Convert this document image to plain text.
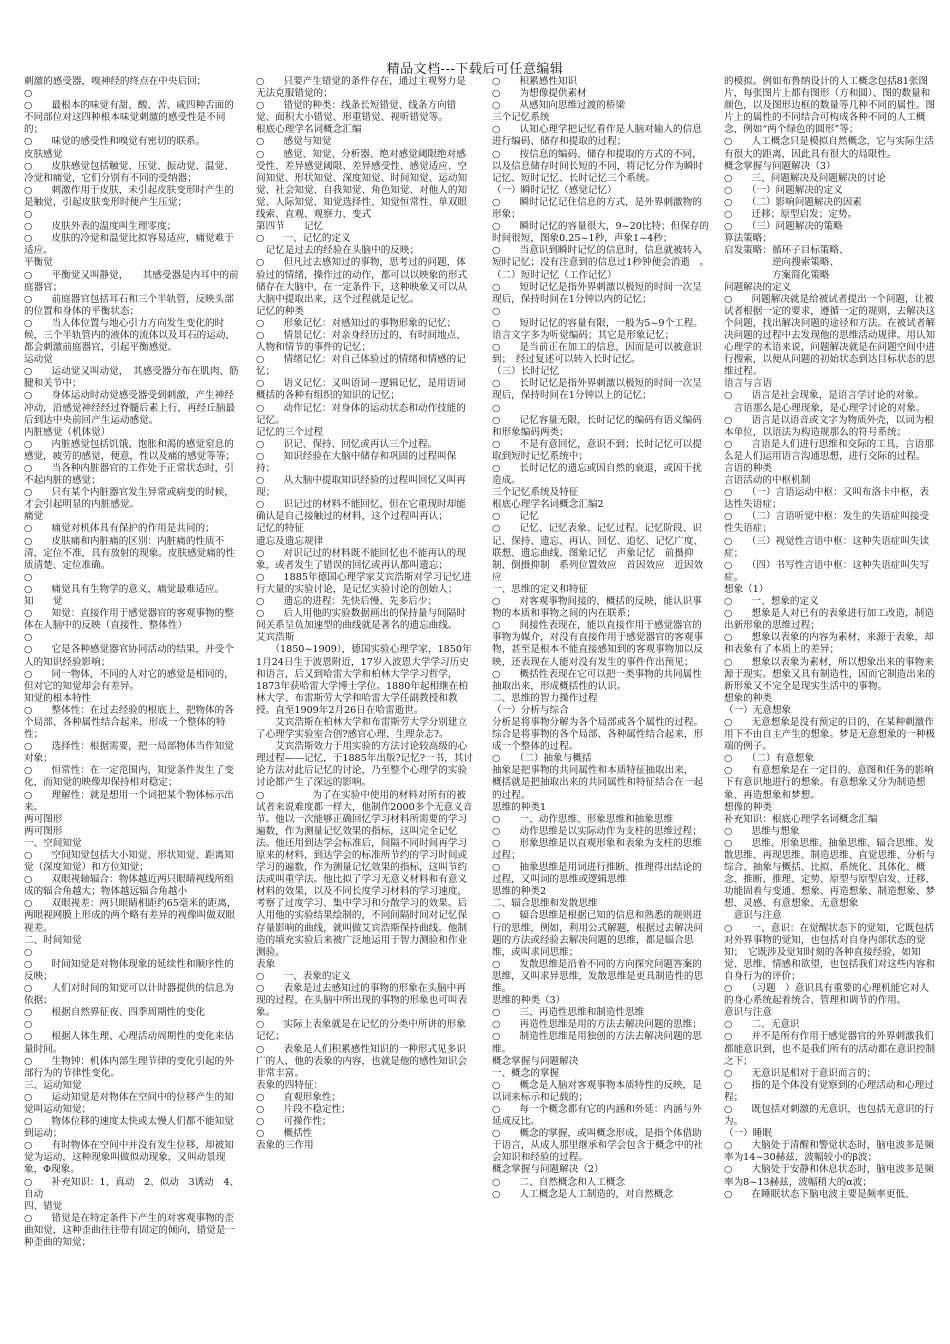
精品文档---下载后可任意编辑

刺激的感受器，嗅神经的终点在中央后回；

○

○　　最根本的味觉有甜、酸、苦、咸四种舌面的不同部位对这四种根本味觉刺激的感受性是不同的；

○　　味觉的感受性和嗅觉有密切的联系。

皮肤感觉

○　　皮肤感觉包括触觉、压觉、振动觉、温觉、冷觉和痛觉，它们分别有不同的受纳器；

○　　刺激作用于皮肤，未引起皮肤变形时产生的是触觉，引起皮肤变形时便产生压觉；

○

○　　皮肤外表的温度叫生理零度；

○　　皮肤的冷觉和温觉比拟容易适应，痛觉难于适应。

平衡觉

○　　平衡觉又叫静觉，　　其感受器是内耳中的前庭器官；

○　　前庭器官包括耳石和三个半轨管，反映头部的位置和身体的平衡状态；

○　　当人体位置与地心引力方向发生变化的时候，三个半轨管内的液体的流体以及耳石的运动，都会刺激前庭器官，引起平衡感觉。

运动觉

○　　运动觉又叫动觉，　其感受器分布在肌肉、筋腱和关节中；

○　　身体运动时动觉感受器受到刺激，产生神经冲动，沿感觉神经经过脊髓后素上行，再经丘脑最后到达中央前回产生运动感觉。

内脏感觉（机体觉）

○　　内脏感觉包括饥饿、饱胀和渴的感觉窒息的感觉，疲劳的感觉，便意，性以及痛的感觉等等；

○　　当各种内脏器官的工作处于正常状态时，引不起内脏的感觉；

○　　只有某个内脏器官发生异常或病变的时候，才会引起明显的内脏感觉。

痛觉

○　　痛觉对机体具有保护的作用是共同的；

○　　皮肤痛和内脏痛的区别：内脏痛的性质不清，定位不准，具有放射的现象。皮肤感觉痛的性质清楚、定位准确。

○

○　　痛觉具有生物学的意义，痛觉最难适应。

知　　觉

○　　知觉：直接作用于感觉器官的客观事物的整体在人脑中的反映（直接性、整体性）

○

○　　它是各种感觉器官协同活动的结果，并受个人的知识经验影响；

○　　同一物体，不同的人对它的感觉是相同的，但对它的知觉却会有差异。

知觉的根本特性

○　　整体性：在过去经验的根底上，把物体的各个局部、各种属性结合起来，形成一个整体的特性；

○　　选择性：根据需要，把一局部物体当作知觉对象；

○　　恒常性：在一定范围内，知觉条件发生了变化，而知觉的映像却保持相对稳定；

○　　理解性：就是想用一个词把某个物体标示出来。

两可图形

两可图形

一、空间知觉

○　　空间知觉包括大小知觉、形状知觉、距离知觉（深度知觉）和方位知觉；

○　　双眼视轴辐合：物体越近两只眼睛视线所组成的辐合角越大；物体越远辐合角越小

○　　双眼视差：两只眼睛相距约65毫米的距离，两眼视网膜上形成的两个略有差异的视像叫做双眼视差。

二、时间知觉

○

○　　时间知觉是对物体现象的延续性和顺序性的反映；

○　　人们对时间的知觉可以计时器提供的信息为依据；

○　　根据自然界征夜、四季周期性的变化

○

○　　根据人体生理、心理活动周期性的变化来估量时间。

○　　生物钟：机体内部生理节律的变化引起的外部行为的节律性变化。

三、运动知觉

○　　运动知觉是对物体在空间中的位移产生的知觉叫运动知觉；

○　　物体位移的速度太快或太慢人们都不能知觉到运动；

○　　有时物体在空间中并没有发生位移，却被知觉为运动，这种现象叫做似动现象，又叫动景现象，Φ现象。

○　　补充知识：1、真动　2、似动　3诱动　4、自动

四、错觉

○　　错觉是在特定条件下产生的对客观事物的歪曲知觉，这种歪曲往往带有固定的倾向，错觉是一种歪曲的知觉；

○　　只要产生错觉的条件存在，通过主观努力是无法克服错觉的；

○　　错觉的种类：线条长短错觉、线条方向错觉、面积大小错觉、形重错觉、视听错觉等。

根底心理学名词概念汇编

○　　感觉与知觉

○　　感觉、知觉、分析器、绝对感觉阈限绝对感受性、差异感觉阈限、差异感受性、感觉适应、空间知觉、形状知觉、深度知觉、时间知觉、运动知觉、社会知觉、自我知觉、角色知觉、对他人的知觉、人际知觉、知觉选择性、知觉恒常性、单双眼线索、直观、观察力、变式

第四节　　记忆

○　　一、记忆的定义

　记忆是过去的经验在头脑中的反映；

○　　但凡过去感知过的事物，思考过的问题，体验过的情绪，操作过的动作，都可以以映象的形式储存在大脑中，在一定条件下，这种映象又可以从大脑中提取出来，这个过程就是记忆。

记忆的种类

○　　形象记忆：对感知过的事物形象的记忆；

○　　情景记忆：对亲身经历过的，有时间地点、人物和情节的事件的记忆；

○　　情绪记忆：对自己体验过的情绪和情感的记忆；

○　　语义记忆：又叫语词－逻辑记忆，是用语词概括的各种有组织的知识的记忆；

○　　动作记忆：对身体的运动状态和动作技能的记忆。

记忆的三个过程

○　　识记、保持、回忆或再认三个过程。

○　　知识经验在大脑中储存和巩固的过程叫保持；

○　　从大脑中提取知识经验的过程叫回忆又叫再现；

○　　识记过的材料不能回忆，但在它重现时却能确认是自己接触过的材料，这个过程叫再认；

记忆的特征

遗忘及遗忘规律

○　　对识记过的材料既不能回忆也不能再认的现象，或者发生了错误的回忆或再认都叫遗忘；

○　　1885年德国心理学家艾宾浩斯对学习记忆进行大量的实验讨论，是记忆实验讨论的创始人；

○　　遗忘的进程：先快后慢、先多后少；

○　　后人用他的实验数据画出的保持量与间隔时间关系呈负加速型的曲线就是著名的遗忘曲线。

艾宾浩斯

　　（1850~1909），德国实验心理学家，1850年1月24日生于波恩附近，17岁入波恩大学学习历史和语言，后又到哈雷大学和柏林大学学习哲学，1873年获哈雷大学博士学位。1880年起相继在柏林大学、布雷斯劳大学和哈雷大学任副教授和教授。直至1909年2月26日在哈雷逝世。

　　艾宾浩斯在柏林大学和布雷斯劳大学分别建立了心理学实验室合创?感官心理、生理杂志?。

　　艾宾浩斯效力于用实验的方法讨论较高级的心理过程——记忆，于1885年出版?记忆?一书，其讨论方法对此后记忆的讨论，乃至整个心理学的实验讨论都产生了深远的影响。

○　　　　　为了在实验中使用的材料对所有的被试者来说难度都一样大，他制作2000多个无意义音节。他以一次能够正确回忆学习材料所需要的学习遍数，作为测量记忆效果的指标，这叫完全记忆法。他还用到达学会标准后，间隔不同时间再学习原来的材料，到达学会的标准所节约的学习时间或学习的遍数，作为测量记忆效果的指标，这叫节约法或叫重学法。他比拟了学习无意义材料和有意义材料的效果，以及不同长度学习材料的学习速度，考察了过度学习、集中学习和分散学习的效果。后人用他的实验结果绘制的，不同间隔时间对记忆保存量影响的曲线，就叫做艾宾浩斯保持曲线。他制造的填充实验后来被广泛地运用于智力测验和作业测验。

表象

○　　一、表象的定义

○　　表象是过去感知过的事物的形象在头脑中再现的过程，在头脑中所出现的事物的形象也可叫表象。

○　　实际上表象就是在记忆的分类中所讲的形象记忆；

○　　表象是人们积累感性知识的一种形式见多识广的人，他的表象的内容，也就是他的感性知识会非常丰富。

表象的四特征：

○　　直观形象性；

○　　片段不稳定性；

○　　可操作性；

○　　概括性

表象的三作用

○　　积累感性知识

○　　为想像提供素材

○　　从感知向思维过渡的桥梁

三个记忆系统

○　　认知心理学把记忆看作是人脑对输入的信息进行编码、储存和提取的过程；

○　　按信息的编码、储存和提取的方式的不同，以及信息储存时间长短的不同，将记忆分作为瞬时记忆、短时记忆、长时记忆三个系统。

（一）瞬时记忆（感觉记忆）

○　　瞬时记忆记住信息的方式，是外界刺激物的形象；

○　　瞬时记忆的容量很大，9~20比特；但保存的时间很短，图象0.25~1秒，声象1~4秒；

○　　当意识到瞬时记忆的信息时，信息就被转入短时记忆；没有注意到的信息过1秒钟便会消逝　。

（二）短时记忆（工作记忆）

○　　短时记忆是指外界刺激以极短的时间一次呈现后，保持时间在1分钟以内的记忆；

○

○　　短时记忆的容量有限，一般为5~9个工程。语言文字多为听觉编码；其它是形象记忆；

○　　是当前正在加工的信息，因而是可以被意识到；　经过复述可以转入长时记忆。

（三）长时记忆

○　　长时记忆是指外界刺激以极短的时间一次呈现后，保持时间在1分钟以上的记忆；

○

○　　记忆容量无限，长时记忆的编码有语义编码和形象编码两类；

○　　不是有意回忆，意识不到；长时记忆可以提取到短时记忆系统中；

○　　长时记忆的遗忘或因自然的衰退，或因干扰造成。

三个记忆系统及特征

根底心理学名词概念汇编2

○　　记忆

○　　记忆、记忆表象、记忆过程、记忆阶段、识记、保持、遗忘、再认、回忆、追忆、记忆广度、联想、遗忘曲线、图象记忆　声象记忆　前摄抑制、倒摄抑制　系列位置效应　首因效应　近因效应

一、思维的定义和特征

○　　对客观事物间接的、概括的反映，能认识事物的本质和事物之间的内在联系；

○　　间接性表现在，能以直接作用于感觉器官的事物为媒介，对没有直接作用于感觉器官的客观事物，甚至是根本不能直接感知到的客观事物加以反映，还表现在人能对没有发生的事件作出预见；

○　　概括性表现在它可以把一类事物的共同属性抽取出来，形成概括性的认识。

二、思维的智力操作过程

（一）分析与综合

分析是将事物分解为各个局部或各个属性的过程。

综合是将事物的各个局部、各种属性结合起来，形成一个整体的过程。

○　　（二）抽象与概括

抽象是把事物的共同属性和本质特征抽取出来，

概括就是把抽取出来的共同属性和特征结合在一起的过程。

思维的种类1

○　　一、动作思维、形象思维和抽象思维

○　　动作思维是以实际动作为支柱的思维过程；

○　　形象思维是以直观形象和表象为支柱的思维过程；

○　　抽象思维是用词进行推断、推理得出结论的过程，又叫词的思维或逻辑思维

思维的种类2

二、辐合思维和发散思维

○　　辐合思维是根据已知的信息和熟悉的规则进行的思维，例如，利用公式解题，根据过去解决问题的方法或经验去解决问题的思维，都是辐合思维，或叫求同思维；

○　　发散思维是沿着不同的方向探究问题答案的思维，又叫求异思维，发散思维是更具制造性的思维。

思维的种类（3）

○　　三、再造性思维和制造性思维

○　　再造性思维是用的方法去解决问题的思维；

○　　制造性思维是用独创的方法去解决问题的思维。

概念掌握与问题解决

一、概念的掌握

○　　概念是人脑对客观事物本质特性的反映，是以词来标示和记载的；

○　　每一个概念都有它的内涵和外延：内涵与外延成反比。

○　　概念的掌握，或叫概念形成，是指个体借助于语言，从成人那里继承和学会包含于概念中的社会知识和经验的过程。

概念掌握与问题解决（2）

○　　二、自然概念和人工概念

○　　人工概念是人工制造的，对自然概念

的模拟。例如布鲁纳设计的人工概念包括81张图片，每张图片上都有图形（方和圆）、图的数量和颜色，以及图形边框的数量等几种不同的属性。图片上的属性的不同结合可构成各种不同的人工概念，例如“两个绿色的圆形”等；

○　　人工概念只是模拟自然概念，它与实际生活有很大的距离，因此具有很大的局限性。

概念掌握与问题解决（3）

○　　三、问题解决及问题解决的讨论

○　　（一）问题解决的定义

○　　（二）影响问题解决的因素

○　　迁移；原型启发；定势。

○　　（三）问题解决的策略

算法策略；

启发策略：循环子目标策略、

　　　　　逆向搜索策略、

　　　　　方案简化策略

问题解决的定义

○　　问题解决就是给被试者提出一个问题，让被试者根据一定的要求，遵循一定的规则，去解决这个问题，找出解决问题的途径和方法。在被试者解决问题的过程中去发现他的思维活动规律。用认知心理学的术语来说，问题解决就是在问题空间中进行搜索，以便从问题的初始状态到达目标状态的思维过程。

语言与言语

○　　语言是社会现象，是语言学讨论的对象。

　言语那么是心理现象，是心理学讨论的对象。

○　　语言是以语音或文字为物质外壳，以词为根本单位，以语法为构造规那么的符号系统；

○　　言语是人们进行思维和交际的工具，言语那么是人们运用语言沟通思想，进行交际的过程。

言语的种类

言语活动的中枢机制

○　　（一）言语运动中枢：又叫布洛卡中枢，表达性失语症；

○　　（二）言语听觉中枢：发生的失语症叫接受性失语症；

○　　（三）视觉性言语中枢：这种失语症叫失读症；

○　　（四）书写性言语中枢：这种失语症叫失写症。

想象（1）

○　　一、想象的定义

○　　想象是人对已有的表象进行加工改造，制造出新形象的思维过程；

○　　想象以表象的内容为素材，来源于表象，却和表象有了本质上的差异；

○　　想象以表象为素材，所以想象出来的事物来源于现实。想象又具有制造性，因而它制造出来的新形象又不完全是现实生活中的事物。

想象的种类

（一）无意想象

○　　无意想象是没有预定的目的，在某种刺激作用下不由自主产生的想象。梦是无意想象的一种极端的例子。

○　　（二）有意想象

○　　有意想象是在一定目的、意图和任务的影响下有意识地进行的想象。有意想象又分为制造想象、再造想象和梦想。

想像的种类

补充知识：根底心理学名词概念汇编

○　　思维与想象

○　　思维、形象思维、抽象思维、辐合思维、发散思维、再现思维、制造思维、直觉思维、分析与综合、抽象与概括、比拟、系统化、具体化、概念、推断、推理、定势、原型与原型启发、迁移、功能固着与变通、想象、再造想象、制造想象、梦想、灵感、有意想象、无意想象

　意识与注意

○　　一、意识：在觉醒状态下的觉知，它既包括对外界事物的觉知，也包括对自身内部状态的觉知；　它既涉及觉知时刻的各种直接经验，如知觉、思维、情感和欲望，也包括我们对这些内容和自身行为的评价；

○　　（习题　）意识具有重要的心理机能它对人的身心系统起着统合、管理和调节的作用。

意识与注意

○　　二、无意识

○　　并不是所有作用于感觉器官的外界刺激我们都能意识到，也不是我们所有的活动都在意识控制之下；

○　　无意识是相对于意识而言的；

○　　指的是个体没有觉察到的心理活动和心理过程；

○　　既包括对刺激的无意识，也包括无意识的行为。

（一）睡眠

○　　大脑处于清醒和警觉状态时，脑电波多是频率为14~30赫兹，波幅较小的β波；

○　　大脑处于安静和休息状态时，脑电波多是频率为8~13赫兹，波幅稍大的α波；

○　　在睡眠状态下脑电波主要是频率更低、
